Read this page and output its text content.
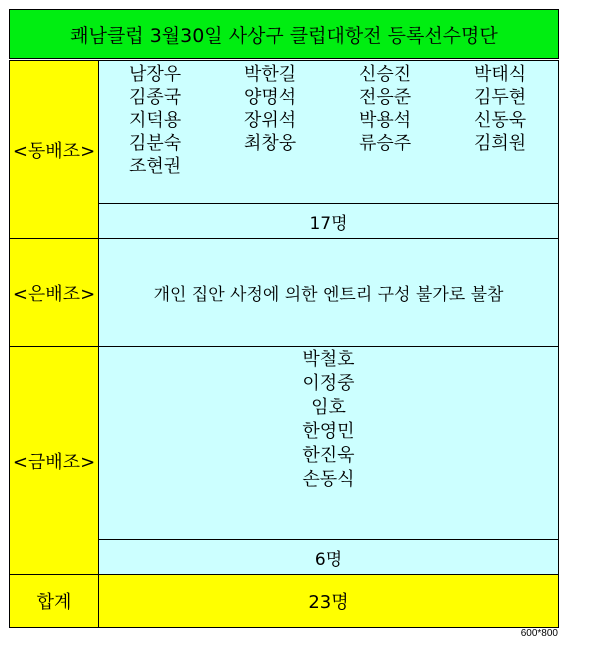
쾌남클럽 3월30일 사상구 클럽대항전 등록선수명단
<동배조>
남장우	박한길	신승진	박태식
김종국	양명석	전응준	김두현
지덕용	장위석	박용석	신동욱
김분숙	최창웅	류승주	김희원
조현권
17명
<은배조>	개인 집안 사정에 의한 엔트리 구성 불가로 불참
<금배조>
박철호
이정중
임호
한영민
한진욱
손동식
6명
합계	23명
600*800
